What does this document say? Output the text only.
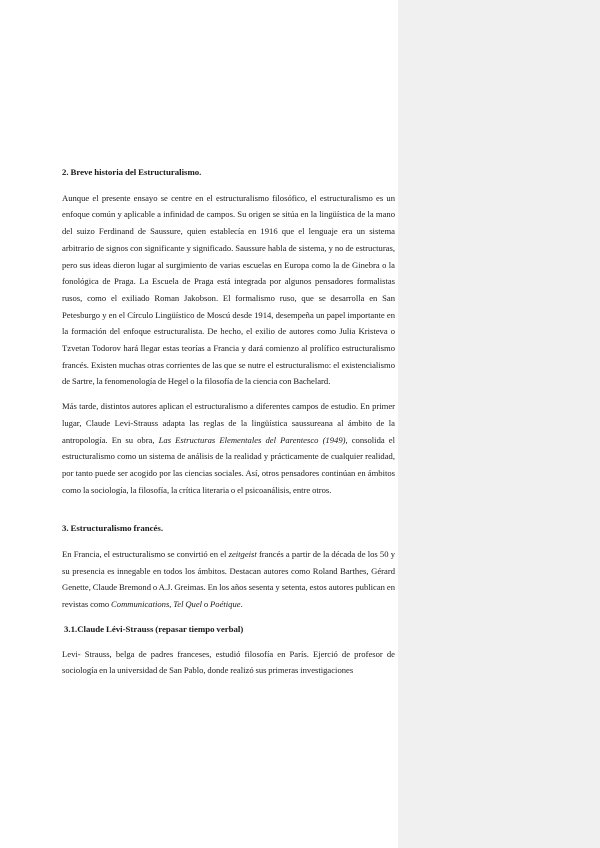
2. Breve historia del Estructuralismo.

Aunque el presente ensayo se centre en el estructuralismo filosófico, el estructuralismo es un enfoque común y aplicable a infinidad de campos. Su origen se sitúa en la lingüística de la mano del suizo Ferdinand de Saussure, quien establecía en 1916 que el lenguaje era un sistema arbitrario de signos con significante y significado. Saussure habla de sistema, y no de estructuras, pero sus ideas dieron lugar al surgimiento de varias escuelas en Europa como la de Ginebra o la fonológica de Praga. La Escuela de Praga está integrada por algunos pensadores formalistas rusos, como el exiliado Roman Jakobson. El formalismo ruso, que se desarrolla en San Petesburgo y en el Círculo Lingüístico de Moscú desde 1914, desempeña un papel importante en la formación del enfoque estructuralista. De hecho, el exilio de autores como Julia Kristeva o Tzvetan Todorov hará llegar estas teorías a Francia y dará comienzo al prolífico estructuralismo francés. Existen muchas otras corrientes de las que se nutre el estructuralismo: el existencialismo de Sartre, la fenomenología de Hegel o la filosofía de la ciencia con Bachelard.

Más tarde, distintos autores aplican el estructuralismo a diferentes campos de estudio. En primer lugar, Claude Levi-Strauss adapta las reglas de la lingüística saussureana al ámbito de la antropología. En su obra, Las Estructuras Elementales del Parentesco (1949), consolida el estructuralismo como un sistema de análisis de la realidad y prácticamente de cualquier realidad, por tanto puede ser acogido por las ciencias sociales. Así, otros pensadores continúan en ámbitos como la sociología, la filosofía, la crítica literaria o el psicoanálisis, entre otros.

3. Estructuralismo francés.

En Francia, el estructuralismo se convirtió en el zeitgeist francés a partir de la década de los 50 y su presencia es innegable en todos los ámbitos. Destacan autores como Roland Barthes, Gérard Genette, Claude Bremond o A.J. Greimas. En los años sesenta y setenta, estos autores publican en revistas como Communications, Tel Quel o Poétique.

3.1.Claude Lévi-Strauss (repasar tiempo verbal)

Levi- Strauss, belga de padres franceses, estudió filosofía en París. Ejerció de profesor de sociología en la universidad de San Pablo, donde realizó sus primeras investigaciones
